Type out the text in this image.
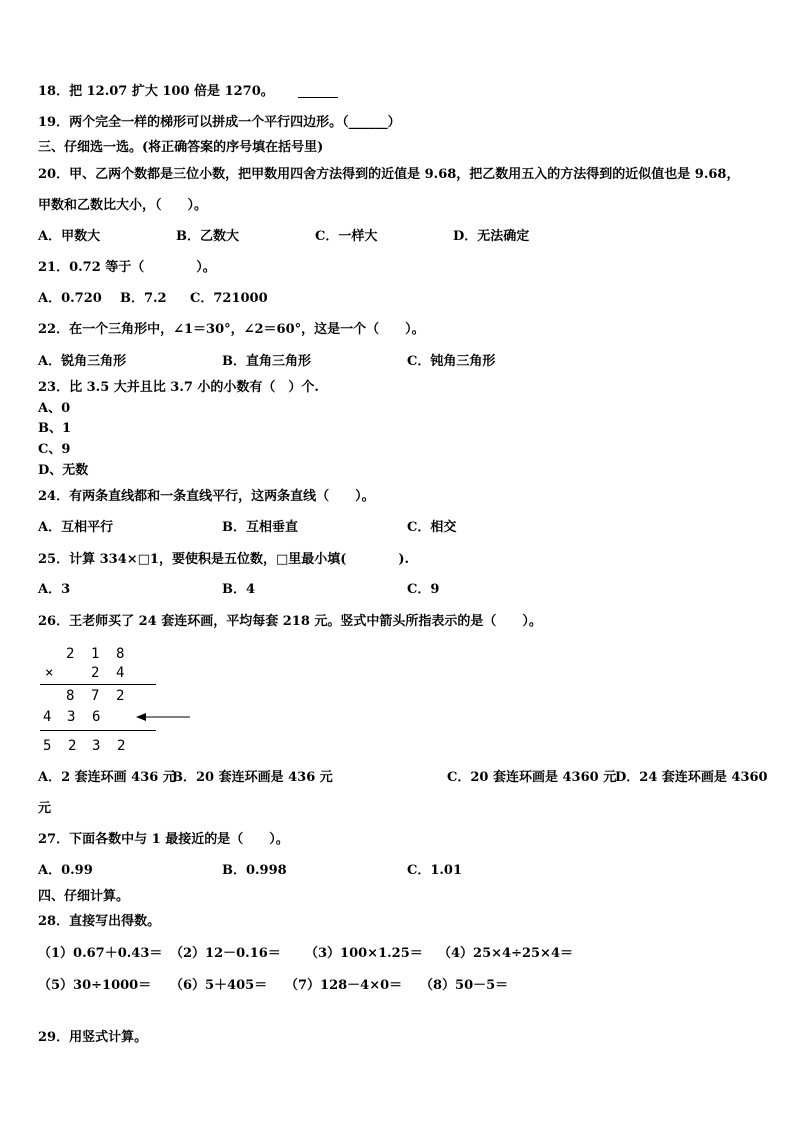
18．把 12.07 扩大 100 倍是 1270。
19．两个完全一样的梯形可以拼成一个平行四边形。（______）
三、仔细选一选。(将正确答案的序号填在括号里)
20．甲、乙两个数都是三位小数，把甲数用四舍方法得到的近值是 9.68，把乙数用五入的方法得到的近似值也是 9.68，
甲数和乙数比大小，（　　）。
A．甲数大	B．乙数大	C．一样大	D．无法确定
21．0.72 等于（　　　　）。
A．0.720 B．7.2 C．721000
22．在一个三角形中，∠1＝30°，∠2＝60°，这是一个（　　）。
A．锐角三角形	B．直角三角形	C．钝角三角形
23．比 3.5 大并且比 3.7 小的小数有（　）个.
A、0
B、1
C、9
D、无数
24．有两条直线都和一条直线平行，这两条直线（　　）。
A．互相平行	B．互相垂直	C．相交
25．计算 334×□1，要使积是五位数，□里最小填(　　　　).
A．3	B．4	C．9
26．王老师买了 24 套连环画，平均每套 218 元。竖式中箭头所指表示的是（　　）。
2 1 8
×	2 4
8 7 2
4 3 6
5 2 3 2
A．2 套连环画 436 元
B．20 套连环画是 436 元	C．20 套连环画是 4360 元
D．24 套连环画是 4360
元
27．下面各数中与 1 最接近的是（　　）。
A．0.99	B．0.998	C．1.01
四、仔细计算。
28．直接写出得数。
（1）0.67＋0.43＝ （2）12－0.16＝ （3）100×1.25＝ （4）25×4÷25×4＝
（5）30÷1000＝ （6）5＋405＝ （7）128－4×0＝ （8）50－5＝
29．用竖式计算。
